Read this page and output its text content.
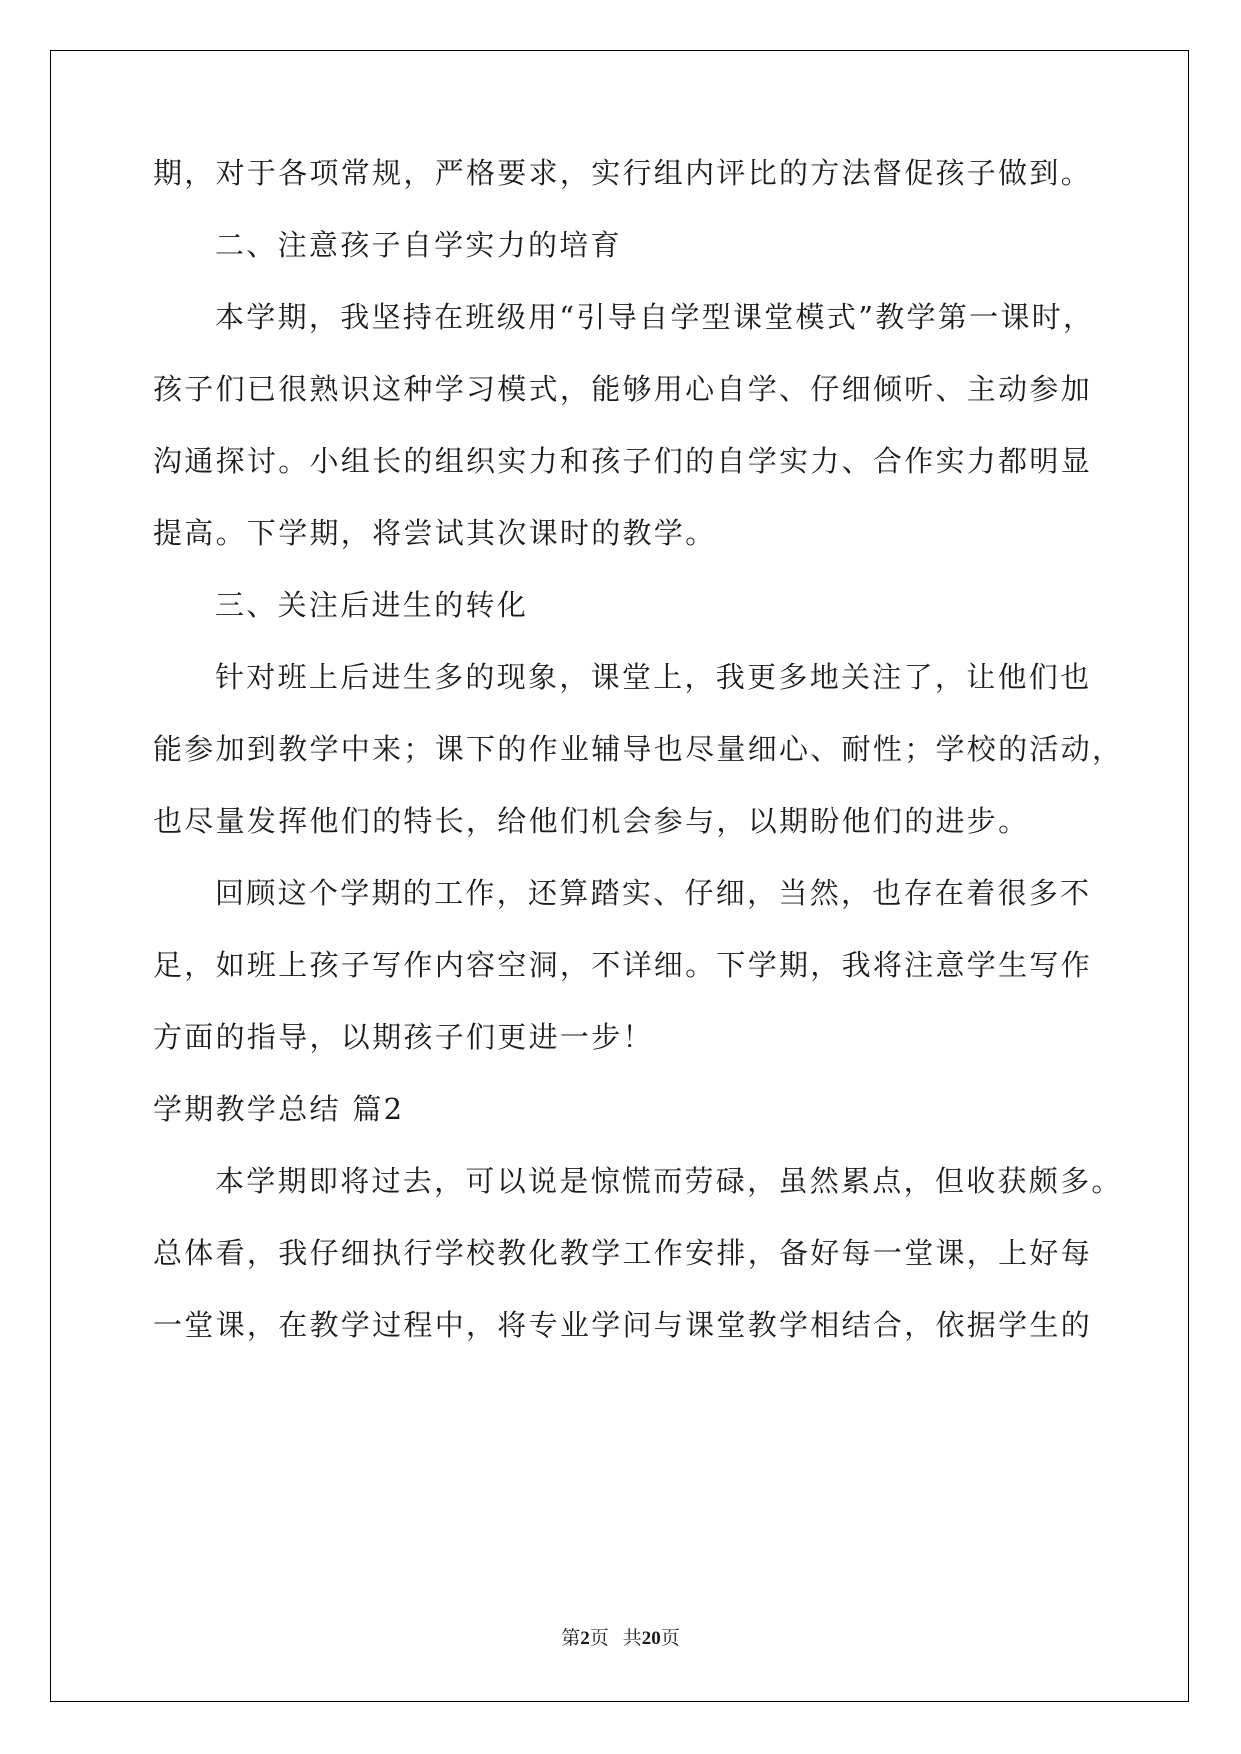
期，对于各项常规，严格要求，实行组内评比的方法督促孩子做到。
二、注意孩子自学实力的培育
本学期，我坚持在班级用“引导自学型课堂模式”教学第一课时，
孩子们已很熟识这种学习模式，能够用心自学、仔细倾听、主动参加
沟通探讨。小组长的组织实力和孩子们的自学实力、合作实力都明显
提高。下学期，将尝试其次课时的教学。
三、关注后进生的转化
针对班上后进生多的现象，课堂上，我更多地关注了，让他们也
能参加到教学中来；课下的作业辅导也尽量细心、耐性；学校的活动，
也尽量发挥他们的特长，给他们机会参与，以期盼他们的进步。
回顾这个学期的工作，还算踏实、仔细，当然，也存在着很多不
足，如班上孩子写作内容空洞，不详细。下学期，我将注意学生写作
方面的指导，以期孩子们更进一步！
学期教学总结 篇2
本学期即将过去，可以说是惊慌而劳碌，虽然累点，但收获颇多。
总体看，我仔细执行学校教化教学工作安排，备好每一堂课，上好每
一堂课，在教学过程中，将专业学问与课堂教学相结合，依据学生的
第2页 共20页
